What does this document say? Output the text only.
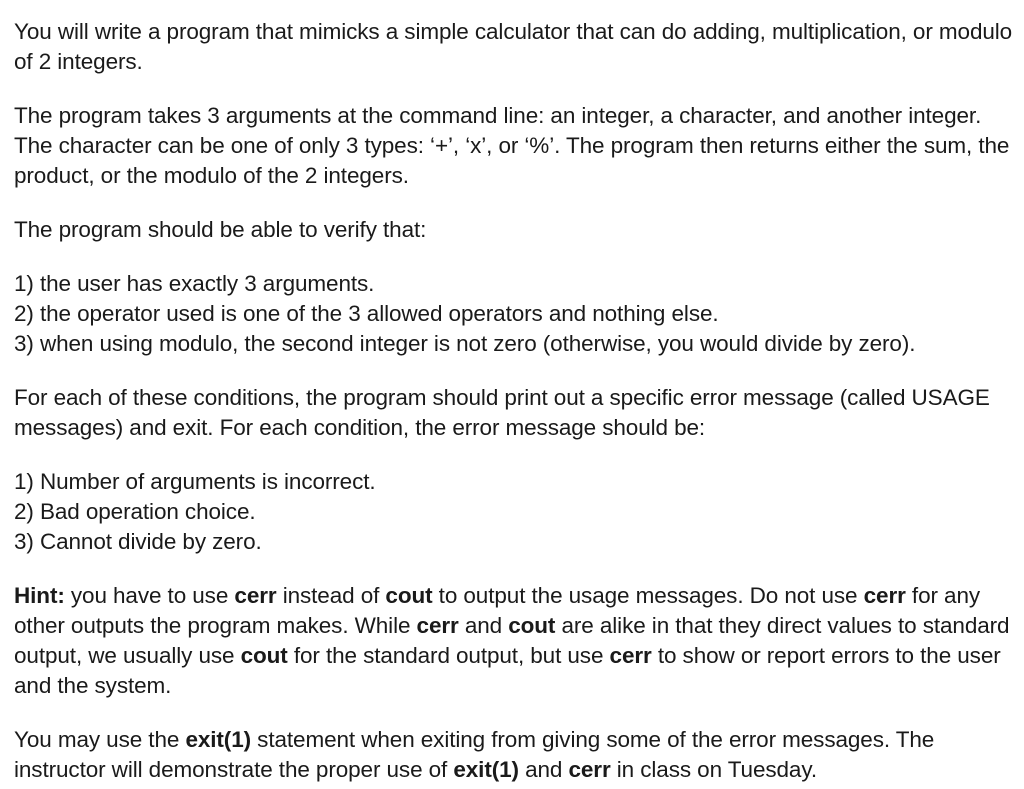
You will write a program that mimicks a simple calculator that can do adding, multiplication, or modulo of 2 integers.

The program takes 3 arguments at the command line: an integer, a character, and another integer. The character can be one of only 3 types: ‘+’, ‘x’, or ‘%’. The program then returns either the sum, the product, or the modulo of the 2 integers.

The program should be able to verify that:

1) the user has exactly 3 arguments.
2) the operator used is one of the 3 allowed operators and nothing else.
3) when using modulo, the second integer is not zero (otherwise, you would divide by zero).

For each of these conditions, the program should print out a specific error message (called USAGE messages) and exit. For each condition, the error message should be:

1) Number of arguments is incorrect.
2) Bad operation choice.
3) Cannot divide by zero.

Hint: you have to use cerr instead of cout to output the usage messages. Do not use cerr for any other outputs the program makes. While cerr and cout are alike in that they direct values to standard output, we usually use cout for the standard output, but use cerr to show or report errors to the user and the system.

You may use the exit(1) statement when exiting from giving some of the error messages. The instructor will demonstrate the proper use of exit(1) and cerr in class on Tuesday.
